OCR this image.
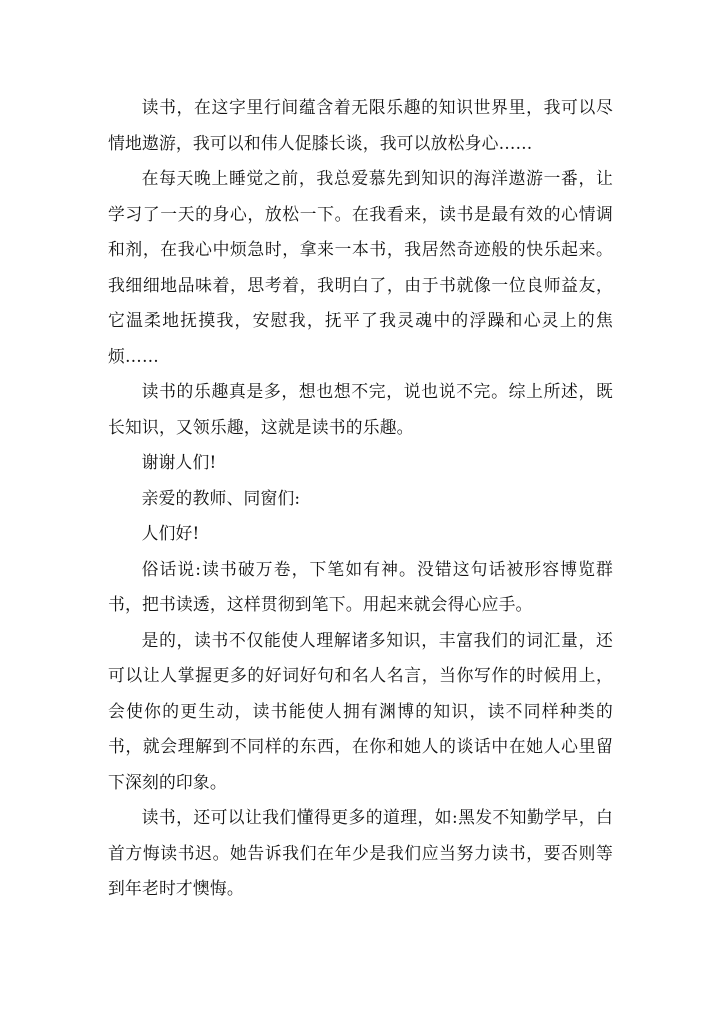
读书，在这字里行间蕴含着无限乐趣的知识世界里，我可以尽情地遨游，我可以和伟人促膝长谈，我可以放松身心……

在每天晚上睡觉之前，我总爱慕先到知识的海洋遨游一番，让学习了一天的身心，放松一下。在我看来，读书是最有效的心情调和剂，在我心中烦急时，拿来一本书，我居然奇迹般的快乐起来。我细细地品味着，思考着，我明白了，由于书就像一位良师益友，它温柔地抚摸我，安慰我，抚平了我灵魂中的浮躁和心灵上的焦烦……

读书的乐趣真是多，想也想不完，说也说不完。综上所述，既长知识，又领乐趣，这就是读书的乐趣。

谢谢人们!

亲爱的教师、同窗们:

人们好!

俗话说:读书破万卷，下笔如有神。没错这句话被形容博览群书，把书读透，这样贯彻到笔下。用起来就会得心应手。

是的，读书不仅能使人理解诸多知识，丰富我们的词汇量，还可以让人掌握更多的好词好句和名人名言，当你写作的时候用上，会使你的更生动，读书能使人拥有渊博的知识，读不同样种类的书，就会理解到不同样的东西，在你和她人的谈话中在她人心里留下深刻的印象。

读书，还可以让我们懂得更多的道理，如:黑发不知勤学早，白首方悔读书迟。她告诉我们在年少是我们应当努力读书，要否则等到年老时才懊悔。
